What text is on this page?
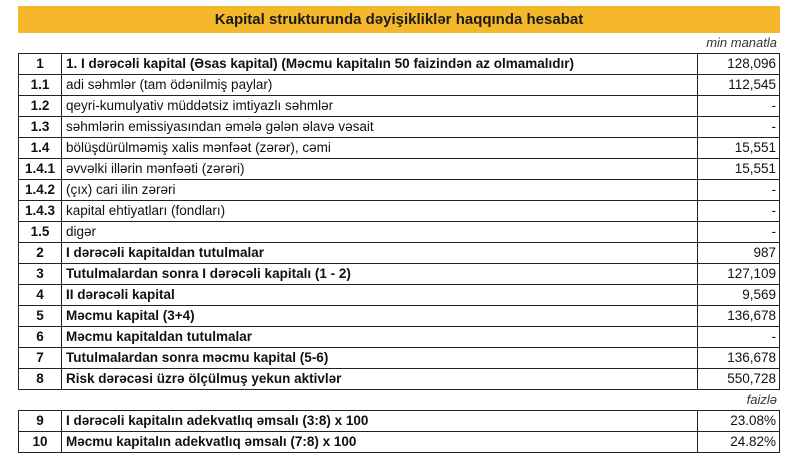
Kapital strukturunda dəyişikliklər haqqında hesabat
min manatla
1	1. I dərəcəli kapital (Əsas kapital) (Məcmu kapitalın 50 faizindən az olmamalıdır)	128,096
1.1	adi səhmlər (tam ödənilmiş paylar)	112,545
1.2	qeyri-kumulyativ müddətsiz imtiyazlı səhmlər	-
1.3	səhmlərin emissiyasından əmələ gələn əlavə vəsait	-
1.4	bölüşdürülməmiş xalis mənfəət (zərər), cəmi	15,551
1.4.1	əvvəlki illərin mənfəəti (zərəri)	15,551
1.4.2	(çıx) cari ilin zərəri	-
1.4.3	kapital ehtiyatları (fondları)	-
1.5	digər	-
2	I dərəcəli kapitaldan tutulmalar	987
3	Tutulmalardan sonra I dərəcəli kapitalı (1 - 2)	127,109
4	II dərəcəli kapital	9,569
5	Məcmu kapital (3+4)	136,678
6	Məcmu kapitaldan tutulmalar	-
7	Tutulmalardan sonra məcmu kapital (5-6)	136,678
8	Risk dərəcəsi üzrə ölçülmuş yekun aktivlər	550,728
faizlə
9	I dərəcəli kapitalın adekvatlıq əmsalı (3:8) x 100	23.08%
10	Məcmu kapitalın adekvatlıq əmsalı (7:8) x 100	24.82%
